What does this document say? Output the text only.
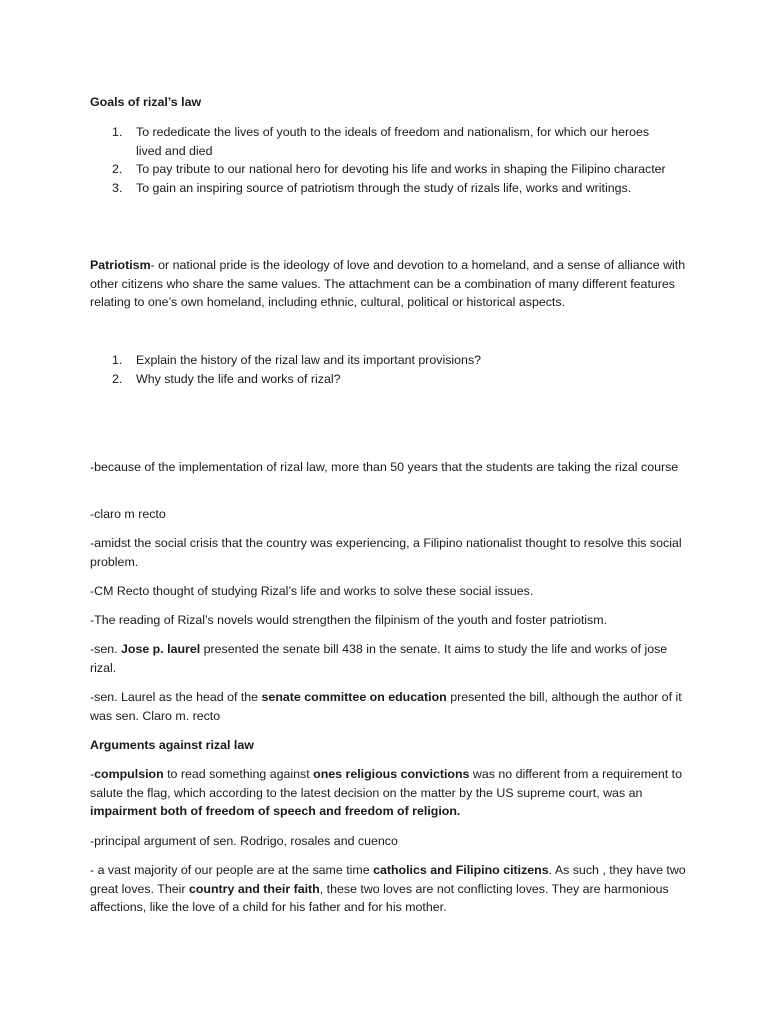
Goals of rizal’s law
1. To rededicate the lives of youth to the ideals of freedom and nationalism, for which our heroes lived and died
2. To pay tribute to our national hero for devoting his life and works in shaping the Filipino character
3. To gain an inspiring source of patriotism through the study of rizals life, works and writings.

Patriotism- or national pride is the ideology of love and devotion to a homeland, and a sense of alliance with other citizens who share the same values. The attachment can be a combination of many different features relating to one’s own homeland, including ethnic, cultural, political or historical aspects.

1. Explain the history of the rizal law and its important provisions?
2. Why study the life and works of rizal?

-because of the implementation of rizal law, more than 50 years that the students are taking the rizal course

-claro m recto

-amidst the social crisis that the country was experiencing, a Filipino nationalist thought to resolve this social problem.

-CM Recto thought of studying Rizal’s life and works to solve these social issues.

-The reading of Rizal’s novels would strengthen the filpinism of the youth and foster patriotism.

-sen. Jose p. laurel presented the senate bill 438 in the senate. It aims to study the life and works of jose rizal.

-sen. Laurel as the head of the senate committee on education presented the bill, although the author of it was sen. Claro m. recto

Arguments against rizal law

-compulsion to read something against ones religious convictions was no different from a requirement to salute the flag, which according to the latest decision on the matter by the US supreme court, was an impairment both of freedom of speech and freedom of religion.

-principal argument of sen. Rodrigo, rosales and cuenco

- a vast majority of our people are at the same time catholics and Filipino citizens. As such , they have two great loves. Their country and their faith, these two loves are not conflicting loves. They are harmonious affections, like the love of a child for his father and for his mother.
